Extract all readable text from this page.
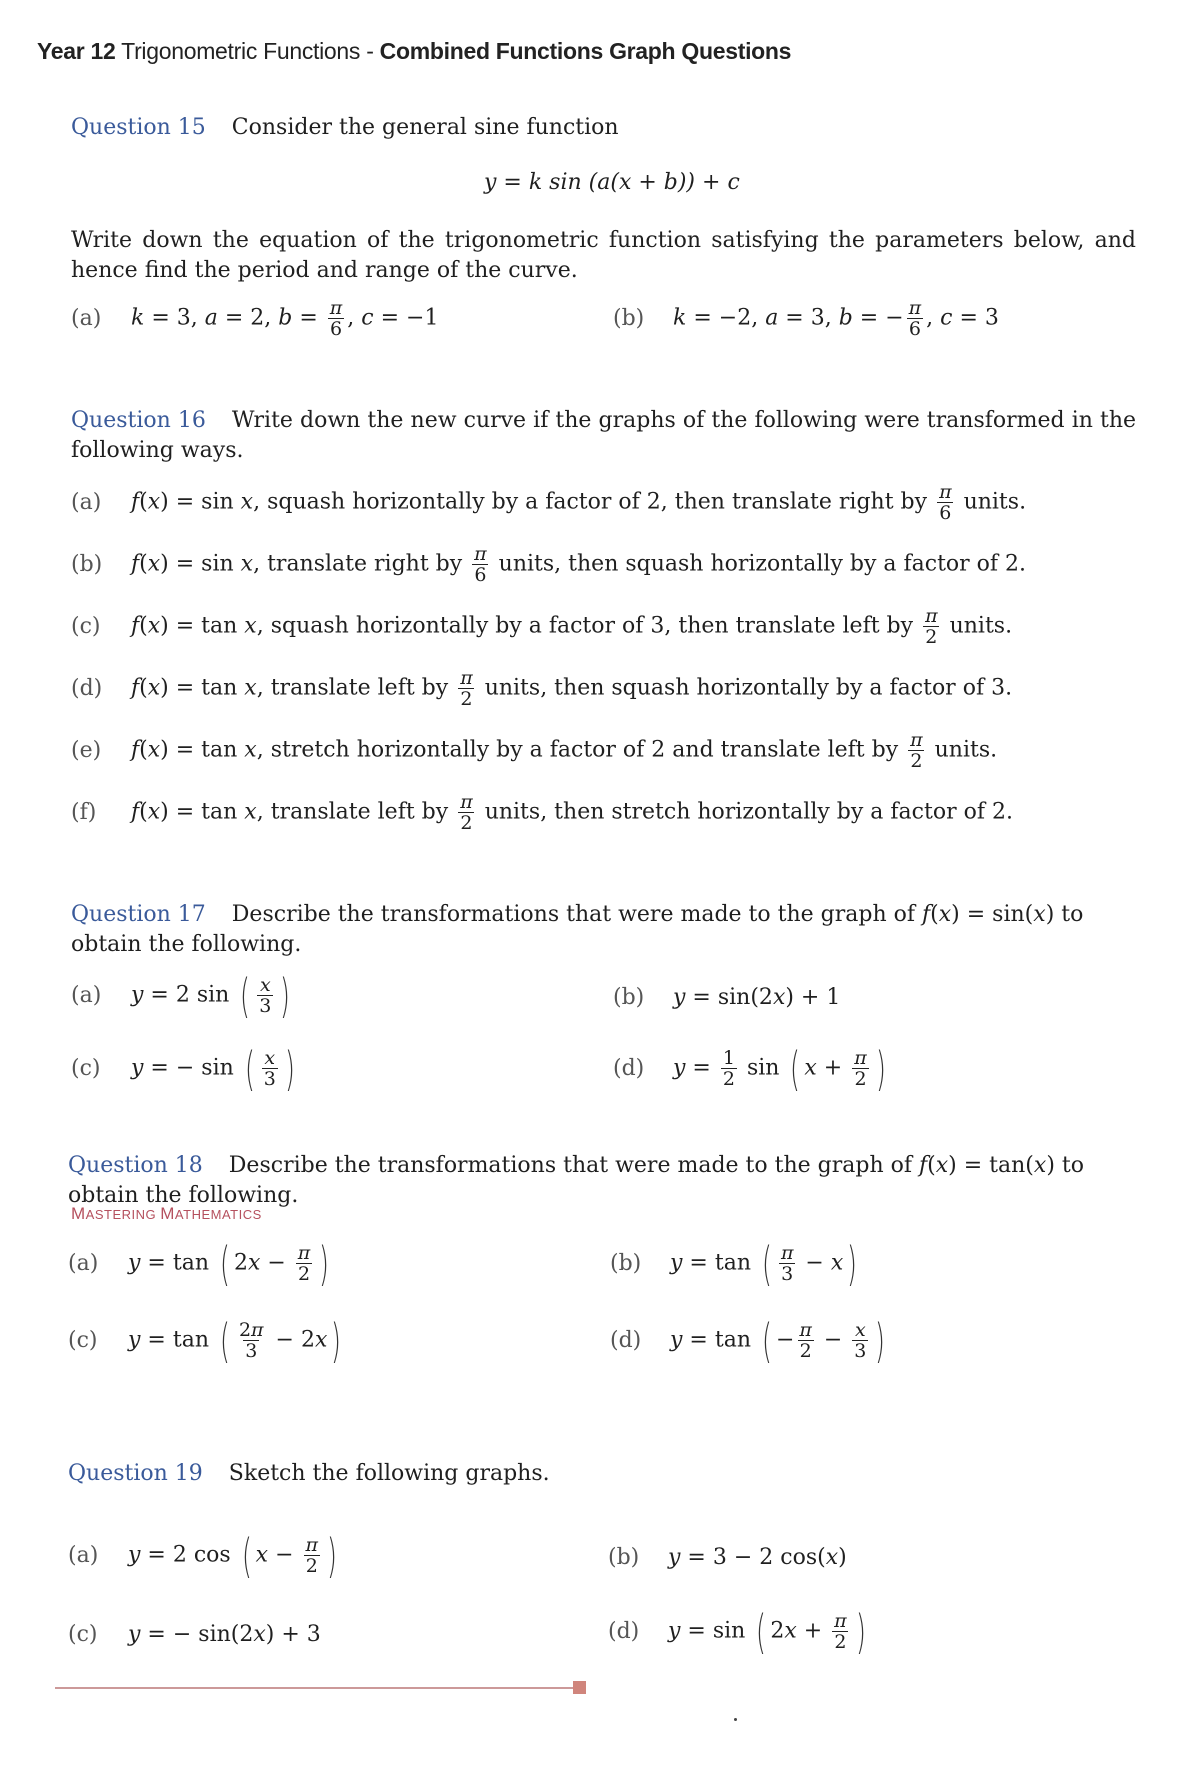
Year 12 Trigonometric Functions - Combined Functions Graph Questions
Question 15 Consider the general sine function
y = k sin (a(x + b)) + c
Write down the equation of the trigonometric function satisfying the parameters below, and hence find the period and range of the curve.
(a) k = 3, a = 2, $b = \frac{\pi}{6}$ , c = −1	(b) k = −2, a = 3, b = − $\frac{\pi}{6}$ , c = 3
Question 16 Write down the new curve if the graphs of the following were transformed in the following ways.
(a) f(x) = sin x, squash horizontally by a factor of 2, then translate right by $\frac{\pi}{6}$ units.
(b) f(x) = sin x, translate right by $\frac{\pi}{6}$ units, then squash horizontally by a factor of 2.
(c) f(x) = tan x, squash horizontally by a factor of 3, then translate left by $\frac{\pi}{2}$ units.
(d) f(x) = tan x, translate left by $\frac{\pi}{2}$ units, then squash horizontally by a factor of 3.
(e) f(x) = tan x, stretch horizontally by a factor of 2 and translate left by $\frac{\pi}{2}$ units.
(f) f(x) = tan x, translate left by $\frac{\pi}{2}$ units, then stretch horizontally by a factor of 2.
Question 17 Describe the transformations that were made to the graph of f(x) = sin(x) to obtain the following.
(a) y = 2 sin ( $\frac{x}{3}$ )	(b) y = sin(2x) + 1
(c) y = − sin ( $\frac{x}{3}$ )	(d) $y = \frac{1}{2}$ sin ( $x + \frac{\pi}{2}$ )
Question 18 Describe the transformations that were made to the graph of f(x) = tan(x) to obtain the following.
MASTERING MATHEMATICS
(a) y = tan ( $2x - \frac{\pi}{2}$ )	(b) y = tan ( $\frac{\pi}{3} - x$)
(c) y = tan ( $\frac{2\pi}{3} - 2x$)	(d) y = tan ( − $\frac{\pi}{2} - \frac{x}{3}$ )
Question 19 Sketch the following graphs.
(a) y = 2 cos ( $x - \frac{\pi}{2}$ )	(b) y = 3 − 2 cos(x)
(c) y = − sin(2x) + 3	(d) y = sin ( $2x + \frac{\pi}{2}$ )
